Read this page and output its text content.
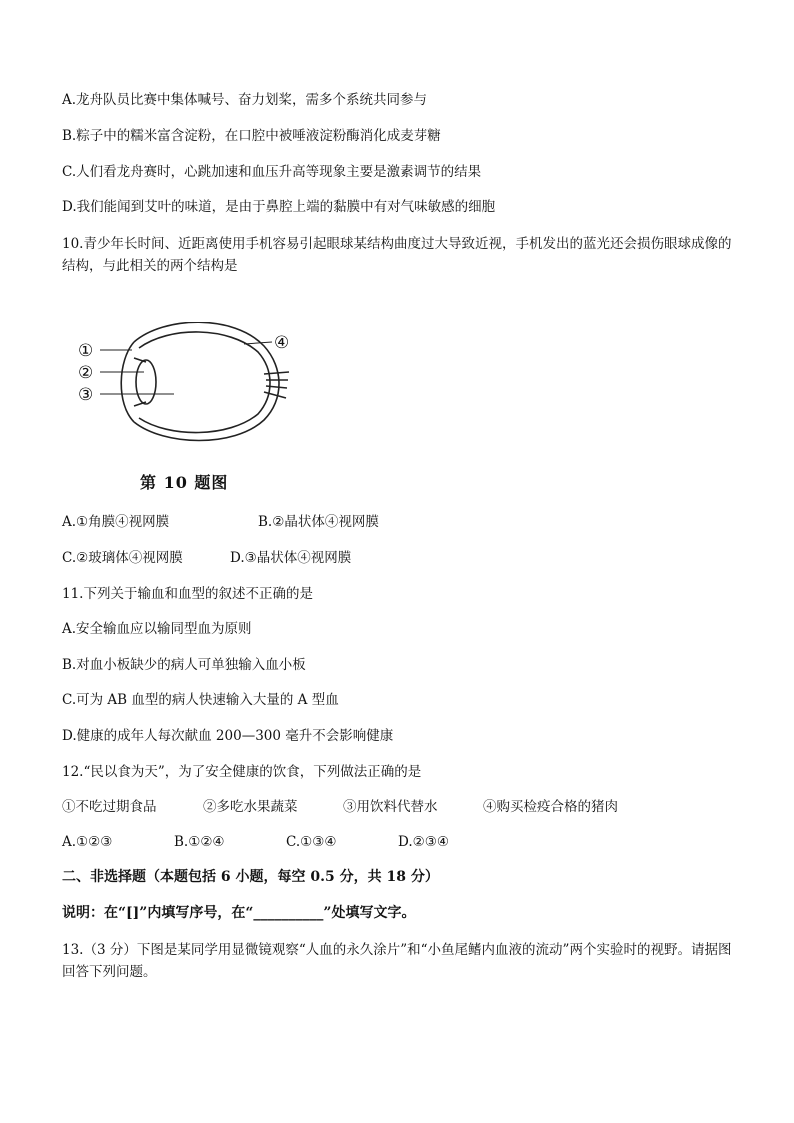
A.龙舟队员比赛中集体喊号、奋力划桨，需多个系统共同参与
B.粽子中的糯米富含淀粉，在口腔中被唾液淀粉酶消化成麦芽糖
C.人们看龙舟赛时，心跳加速和血压升高等现象主要是激素调节的结果
D.我们能闻到艾叶的味道，是由于鼻腔上端的黏膜中有对气味敏感的细胞
10.青少年长时间、近距离使用手机容易引起眼球某结构曲度过大导致近视，手机发出的蓝光还会损伤眼球成像的结构，与此相关的两个结构是
①
②
③
④
第 10 题图
A.①角膜④视网膜	B.②晶状体④视网膜
C.②玻璃体④视网膜	D.③晶状体④视网膜
11.下列关于输血和血型的叙述不正确的是
A.安全输血应以输同型血为原则
B.对血小板缺少的病人可单独输入血小板
C.可为 AB 血型的病人快速输入大量的 A 型血
D.健康的成年人每次献血 200—300 毫升不会影响健康
12.“民以食为天”，为了安全健康的饮食，下列做法正确的是
①不吃过期食品	②多吃水果蔬菜	③用饮料代替水	④购买检疫合格的猪肉
A.①②③	B.①②④	C.①③④	D.②③④
二、非选择题（本题包括 6 小题，每空 0.5 分，共 18 分）
说明：在“[]”内填写序号，在“__________”处填写文字。
13.（3 分）下图是某同学用显微镜观察“人血的永久涂片”和“小鱼尾鳍内血液的流动”两个实验时的视野。请据图回答下列问题。
